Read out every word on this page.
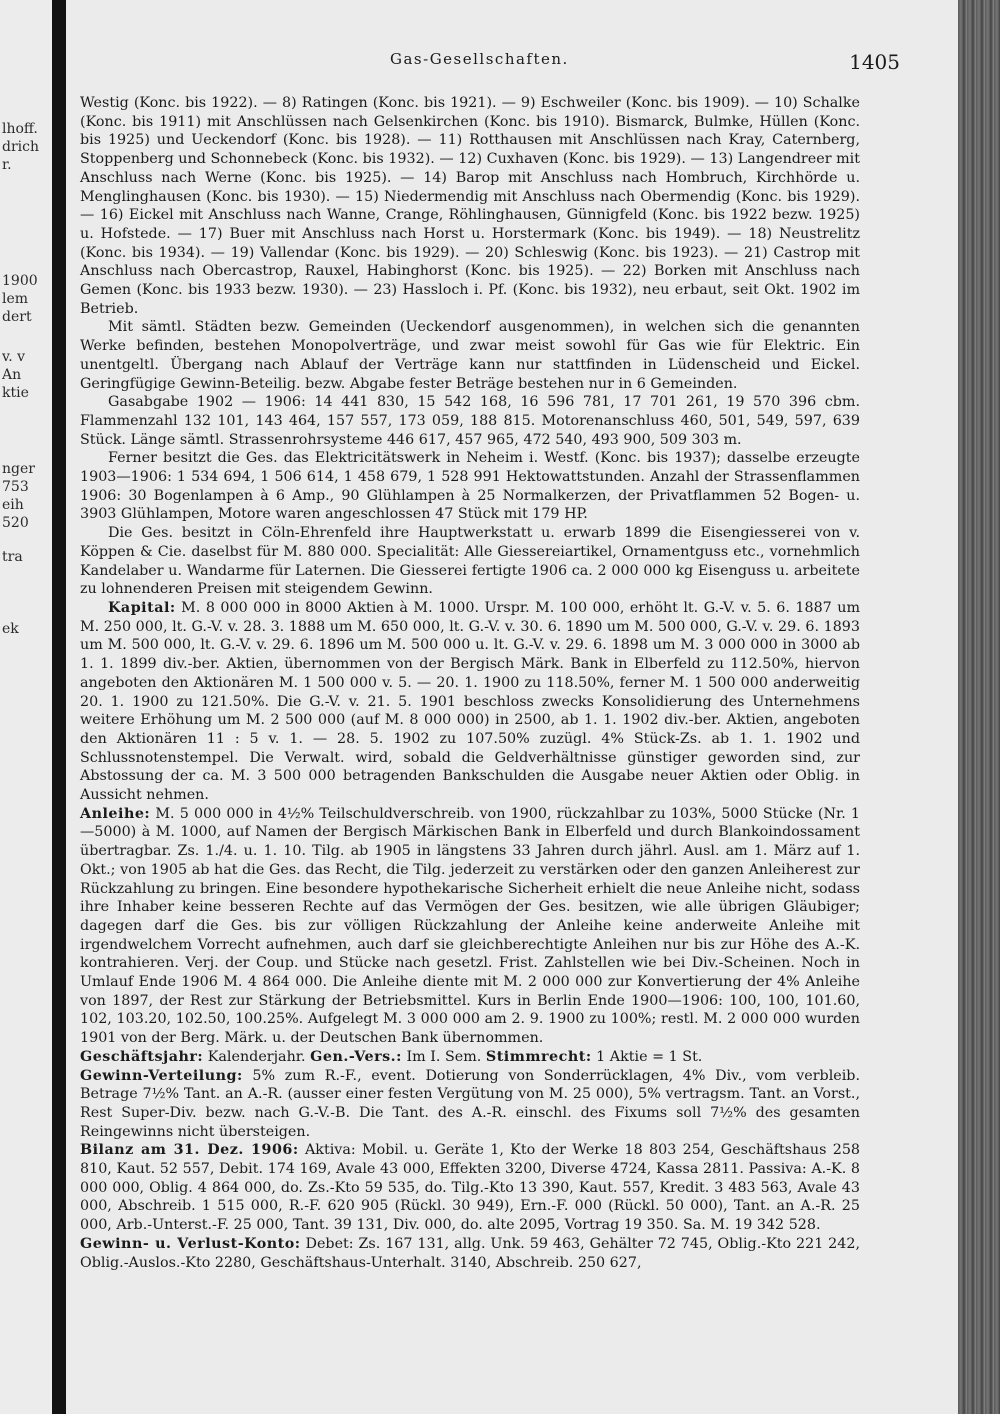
lhoff.
drich
r.
1900
lem
dert
v. v
An
ktie
nger
753
eih
520
tra
ek
Gas-Gesellschaften.	1405

Westig (Konc. bis 1922). — 8) Ratingen (Konc. bis 1921). — 9) Eschweiler (Konc. bis 1909). — 10) Schalke (Konc. bis 1911) mit Anschlüssen nach Gelsenkirchen (Konc. bis 1910). Bismarck, Bulmke, Hüllen (Konc. bis 1925) und Ueckendorf (Konc. bis 1928). — 11) Rotthausen mit Anschlüssen nach Kray, Caternberg, Stoppenberg und Schonnebeck (Konc. bis 1932). — 12) Cuxhaven (Konc. bis 1929). — 13) Langendreer mit Anschluss nach Werne (Konc. bis 1925). — 14) Barop mit Anschluss nach Hombruch, Kirchhörde u. Menglinghausen (Konc. bis 1930). — 15) Niedermendig mit Anschluss nach Obermendig (Konc. bis 1929). — 16) Eickel mit Anschluss nach Wanne, Crange, Röhlinghausen, Günnigfeld (Konc. bis 1922 bezw. 1925) u. Hofstede. — 17) Buer mit Anschluss nach Horst u. Horstermark (Konc. bis 1949). — 18) Neustrelitz (Konc. bis 1934). — 19) Vallendar (Konc. bis 1929). — 20) Schleswig (Konc. bis 1923). — 21) Castrop mit Anschluss nach Obercastrop, Rauxel, Habinghorst (Konc. bis 1925). — 22) Borken mit Anschluss nach Gemen (Konc. bis 1933 bezw. 1930). — 23) Hassloch i. Pf. (Konc. bis 1932), neu erbaut, seit Okt. 1902 im Betrieb.

Mit sämtl. Städten bezw. Gemeinden (Ueckendorf ausgenommen), in welchen sich die genannten Werke befinden, bestehen Monopolverträge, und zwar meist sowohl für Gas wie für Elektric. Ein unentgeltl. Übergang nach Ablauf der Verträge kann nur stattfinden in Lüdenscheid und Eickel. Geringfügige Gewinn-Beteilig. bezw. Abgabe fester Beträge bestehen nur in 6 Gemeinden.

Gasabgabe 1902 — 1906: 14 441 830, 15 542 168, 16 596 781, 17 701 261, 19 570 396 cbm. Flammenzahl 132 101, 143 464, 157 557, 173 059, 188 815. Motorenanschluss 460, 501, 549, 597, 639 Stück. Länge sämtl. Strassenrohrsysteme 446 617, 457 965, 472 540, 493 900, 509 303 m.

Ferner besitzt die Ges. das Elektricitätswerk in Neheim i. Westf. (Konc. bis 1937); dasselbe erzeugte 1903—1906: 1 534 694, 1 506 614, 1 458 679, 1 528 991 Hektowattstunden. Anzahl der Strassenflammen 1906: 30 Bogenlampen à 6 Amp., 90 Glühlampen à 25 Normalkerzen, der Privatflammen 52 Bogen- u. 3903 Glühlampen, Motore waren angeschlossen 47 Stück mit 179 HP.

Die Ges. besitzt in Cöln-Ehrenfeld ihre Hauptwerkstatt u. erwarb 1899 die Eisengiesserei von v. Köppen & Cie. daselbst für M. 880 000. Specialität: Alle Giessereiartikel, Ornamentguss etc., vornehmlich Kandelaber u. Wandarme für Laternen. Die Giesserei fertigte 1906 ca. 2 000 000 kg Eisenguss u. arbeitete zu lohnenderen Preisen mit steigendem Gewinn.

Kapital: M. 8 000 000 in 8000 Aktien à M. 1000. Urspr. M. 100 000, erhöht lt. G.-V. v. 5. 6. 1887 um M. 250 000, lt. G.-V. v. 28. 3. 1888 um M. 650 000, lt. G.-V. v. 30. 6. 1890 um M. 500 000, G.-V. v. 29. 6. 1893 um M. 500 000, lt. G.-V. v. 29. 6. 1896 um M. 500 000 u. lt. G.-V. v. 29. 6. 1898 um M. 3 000 000 in 3000 ab 1. 1. 1899 div.-ber. Aktien, übernommen von der Bergisch Märk. Bank in Elberfeld zu 112.50%, hiervon angeboten den Aktionären M. 1 500 000 v. 5. — 20. 1. 1900 zu 118.50%, ferner M. 1 500 000 anderweitig 20. 1. 1900 zu 121.50%. Die G.-V. v. 21. 5. 1901 beschloss zwecks Konsolidierung des Unternehmens weitere Erhöhung um M. 2 500 000 (auf M. 8 000 000) in 2500, ab 1. 1. 1902 div.-ber. Aktien, angeboten den Aktionären 11 : 5 v. 1. — 28. 5. 1902 zu 107.50% zuzügl. 4% Stück-Zs. ab 1. 1. 1902 und Schlussnotenstempel. Die Verwalt. wird, sobald die Geldverhältnisse günstiger geworden sind, zur Abstossung der ca. M. 3 500 000 betragenden Bankschulden die Ausgabe neuer Aktien oder Oblig. in Aussicht nehmen.

Anleihe: M. 5 000 000 in 4½% Teilschuldverschreib. von 1900, rückzahlbar zu 103%, 5000 Stücke (Nr. 1—5000) à M. 1000, auf Namen der Bergisch Märkischen Bank in Elberfeld und durch Blankoindossament übertragbar. Zs. 1./4. u. 1. 10. Tilg. ab 1905 in längstens 33 Jahren durch jährl. Ausl. am 1. März auf 1. Okt.; von 1905 ab hat die Ges. das Recht, die Tilg. jederzeit zu verstärken oder den ganzen Anleiherest zur Rückzahlung zu bringen. Eine besondere hypothekarische Sicherheit erhielt die neue Anleihe nicht, sodass ihre Inhaber keine besseren Rechte auf das Vermögen der Ges. besitzen, wie alle übrigen Gläubiger; dagegen darf die Ges. bis zur völligen Rückzahlung der Anleihe keine anderweite Anleihe mit irgendwelchem Vorrecht aufnehmen, auch darf sie gleichberechtigte Anleihen nur bis zur Höhe des A.-K. kontrahieren. Verj. der Coup. und Stücke nach gesetzl. Frist. Zahlstellen wie bei Div.-Scheinen. Noch in Umlauf Ende 1906 M. 4 864 000. Die Anleihe diente mit M. 2 000 000 zur Konvertierung der 4% Anleihe von 1897, der Rest zur Stärkung der Betriebsmittel. Kurs in Berlin Ende 1900—1906: 100, 100, 101.60, 102, 103.20, 102.50, 100.25%. Aufgelegt M. 3 000 000 am 2. 9. 1900 zu 100%; restl. M. 2 000 000 wurden 1901 von der Berg. Märk. u. der Deutschen Bank übernommen.

Geschäftsjahr: Kalenderjahr. Gen.-Vers.: Im I. Sem. Stimmrecht: 1 Aktie = 1 St.

Gewinn-Verteilung: 5% zum R.-F., event. Dotierung von Sonderrücklagen, 4% Div., vom verbleib. Betrage 7½% Tant. an A.-R. (ausser einer festen Vergütung von M. 25 000), 5% vertragsm. Tant. an Vorst., Rest Super-Div. bezw. nach G.-V.-B. Die Tant. des A.-R. einschl. des Fixums soll 7½% des gesamten Reingewinns nicht übersteigen.

Bilanz am 31. Dez. 1906: Aktiva: Mobil. u. Geräte 1, Kto der Werke 18 803 254, Geschäftshaus 258 810, Kaut. 52 557, Debit. 174 169, Avale 43 000, Effekten 3200, Diverse 4724, Kassa 2811. Passiva: A.-K. 8 000 000, Oblig. 4 864 000, do. Zs.-Kto 59 535, do. Tilg.-Kto 13 390, Kaut. 557, Kredit. 3 483 563, Avale 43 000, Abschreib. 1 515 000, R.-F. 620 905 (Rückl. 30 949), Ern.-F. 000 (Rückl. 50 000), Tant. an A.-R. 25 000, Arb.-Unterst.-F. 25 000, Tant. 39 131, Div. 000, do. alte 2095, Vortrag 19 350. Sa. M. 19 342 528.

Gewinn- u. Verlust-Konto: Debet: Zs. 167 131, allg. Unk. 59 463, Gehälter 72 745, Oblig.-Kto 221 242, Oblig.-Auslos.-Kto 2280, Geschäftshaus-Unterhalt. 3140, Abschreib. 250 627,
